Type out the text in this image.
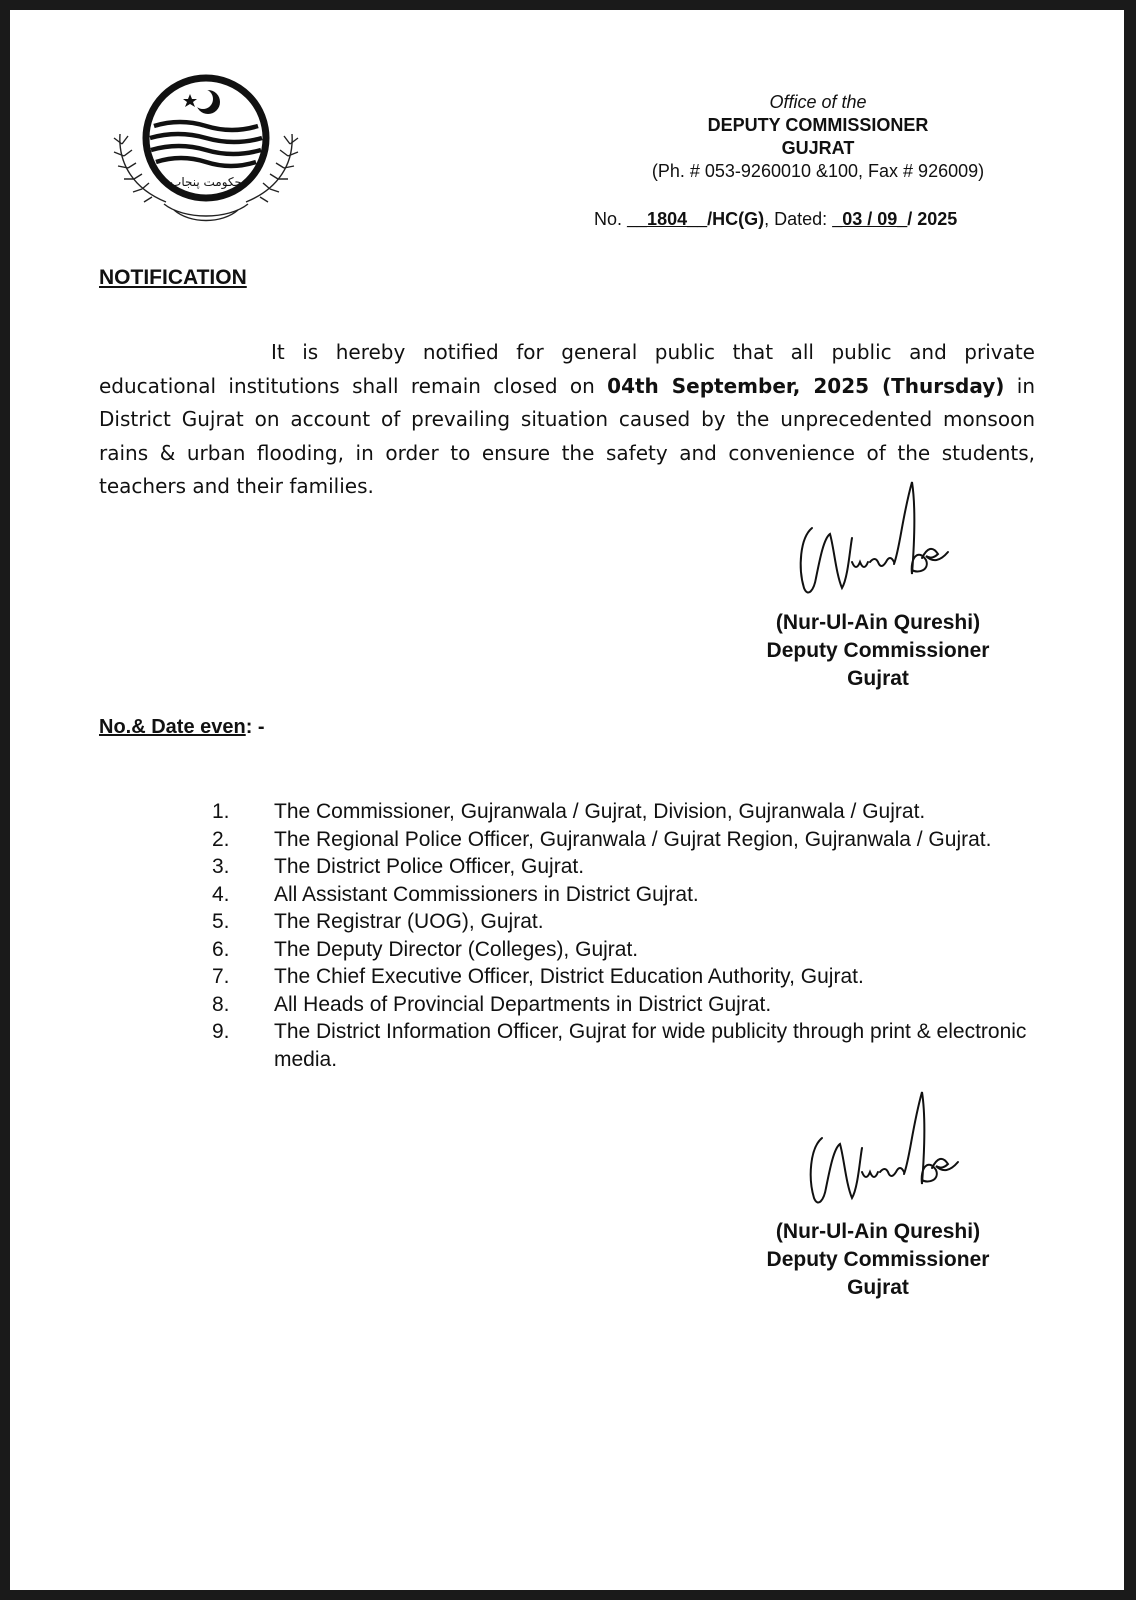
حکومت پنجاب
Office of the
DEPUTY COMMISSIONER
GUJRAT
(Ph. # 053-9260010 &100, Fax # 926009)
No. __1804__/HC(G), Dated: _03 / 09_/ 2025
NOTIFICATION
It is hereby notified for general public that all public and private educational institutions shall remain closed on 04th September, 2025 (Thursday) in District Gujrat on account of prevailing situation caused by the unprecedented monsoon rains & urban flooding, in order to ensure the safety and convenience of the students, teachers and their families.
(Nur-Ul-Ain Qureshi)
Deputy Commissioner
Gujrat
No.& Date even: -
1.	The Commissioner, Gujranwala / Gujrat, Division, Gujranwala / Gujrat.
2.	The Regional Police Officer, Gujranwala / Gujrat Region, Gujranwala / Gujrat.
3.	The District Police Officer, Gujrat.
4.	All Assistant Commissioners in District Gujrat.
5.	The Registrar (UOG), Gujrat.
6.	The Deputy Director (Colleges), Gujrat.
7.	The Chief Executive Officer, District Education Authority, Gujrat.
8.	All Heads of Provincial Departments in District Gujrat.
9.	The District Information Officer, Gujrat for wide publicity through print & electronic media.
(Nur-Ul-Ain Qureshi)
Deputy Commissioner
Gujrat
